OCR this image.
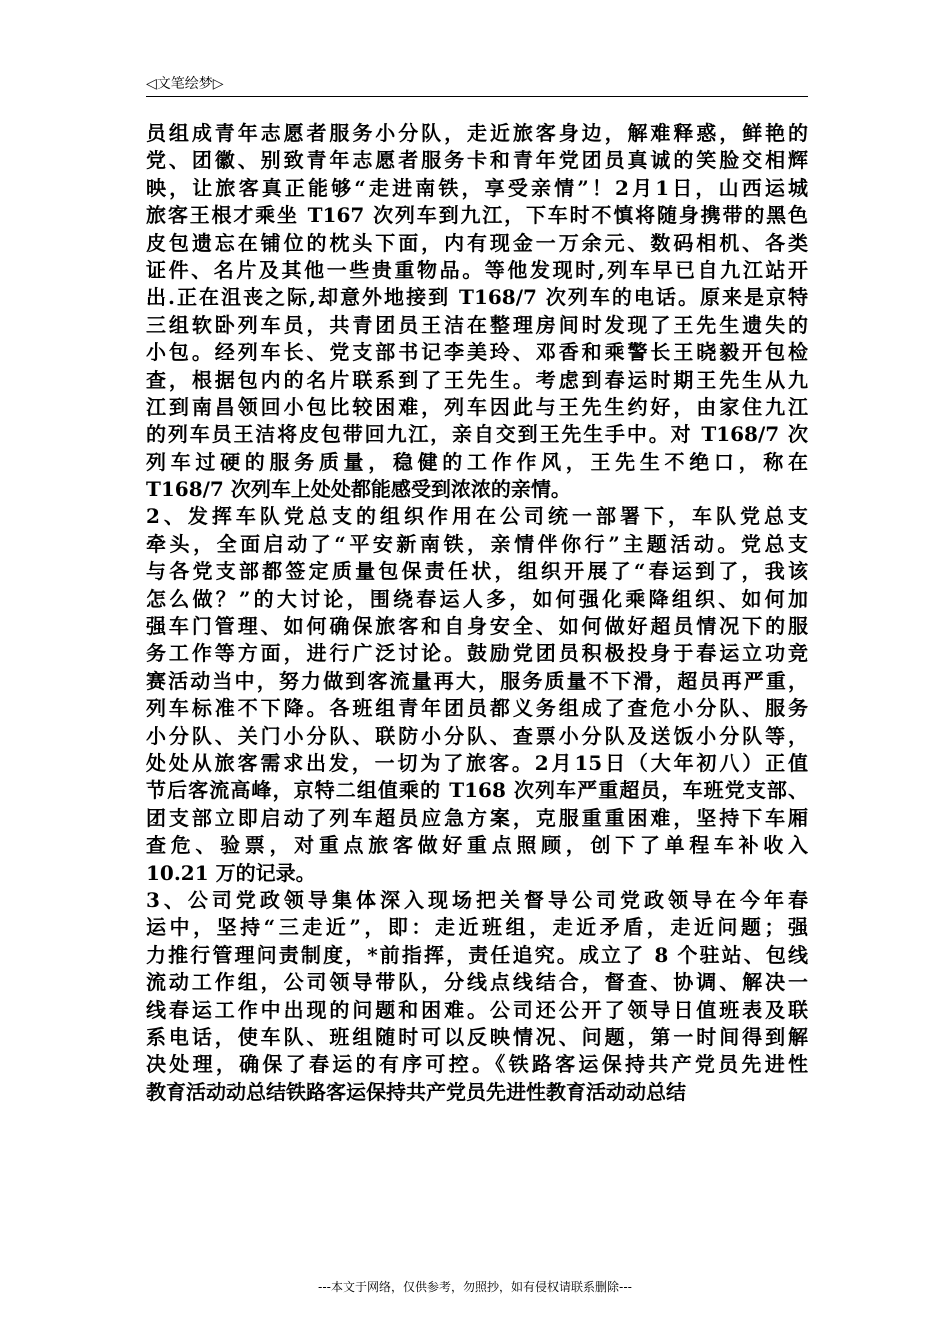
◁文笔绘梦▷
员组成青年志愿者服务小分队，走近旅客身边，解难释惑，鲜艳的
党、团徽、别致青年志愿者服务卡和青年党团员真诚的笑脸交相辉
映，让旅客真正能够“走进南铁，享受亲情”！2月1日，山西运城
旅客王根才乘坐 T167 次列车到九江，下车时不慎将随身携带的黑色
皮包遗忘在铺位的枕头下面，内有现金一万余元、数码相机、各类
证件、名片及其他一些贵重物品。等他发现时,列车早已自九江站开
出.正在沮丧之际,却意外地接到 T168/7 次列车的电话。原来是京特
三组软卧列车员，共青团员王洁在整理房间时发现了王先生遗失的
小包。经列车长、党支部书记李美玲、邓香和乘警长王晓毅开包检
查，根据包内的名片联系到了王先生。考虑到春运时期王先生从九
江到南昌领回小包比较困难，列车因此与王先生约好，由家住九江
的列车员王洁将皮包带回九江，亲自交到王先生手中。对 T168/7 次
列车过硬的服务质量，稳健的工作作风，王先生不绝口，称在
T168/7 次列车上处处都能感受到浓浓的亲情。
2、发挥车队党总支的组织作用在公司统一部署下，车队党总支
牵头，全面启动了“平安新南铁，亲情伴你行”主题活动。党总支
与各党支部都签定质量包保责任状，组织开展了“春运到了，我该
怎么做？”的大讨论，围绕春运人多，如何强化乘降组织、如何加
强车门管理、如何确保旅客和自身安全、如何做好超员情况下的服
务工作等方面，进行广泛讨论。鼓励党团员积极投身于春运立功竞
赛活动当中，努力做到客流量再大，服务质量不下滑，超员再严重，
列车标准不下降。各班组青年团员都义务组成了查危小分队、服务
小分队、关门小分队、联防小分队、查票小分队及送饭小分队等，
处处从旅客需求出发，一切为了旅客。2月15日（大年初八）正值
节后客流高峰，京特二组值乘的 T168 次列车严重超员，车班党支部、
团支部立即启动了列车超员应急方案，克服重重困难，坚持下车厢
查危、验票，对重点旅客做好重点照顾，创下了单程车补收入
10.21 万的记录。
3、公司党政领导集体深入现场把关督导公司党政领导在今年春
运中，坚持“三走近”，即：走近班组，走近矛盾，走近问题；强
力推行管理问责制度，*前指挥，责任追究。成立了 8 个驻站、包线
流动工作组，公司领导带队，分线点线结合，督查、协调、解决一
线春运工作中出现的问题和困难。公司还公开了领导日值班表及联
系电话，使车队、班组随时可以反映情况、问题，第一时间得到解
决处理，确保了春运的有序可控。《铁路客运保持共产党员先进性
教育活动动总结铁路客运保持共产党员先进性教育活动动总结
---本文于网络，仅供参考，勿照抄，如有侵权请联系删除---
